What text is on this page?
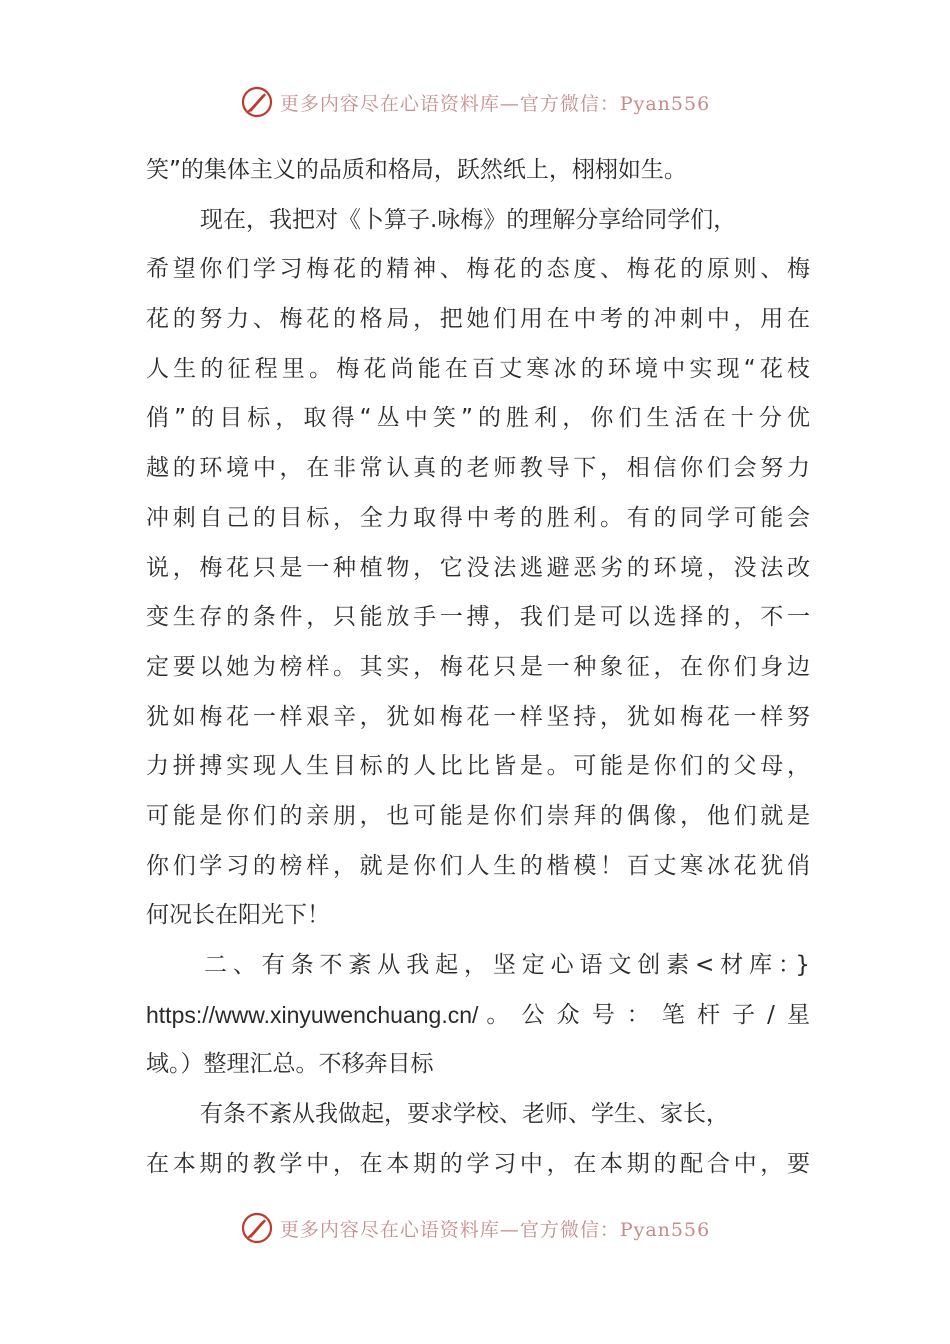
更多内容尽在心语资料库—官方微信：Pyan556
笑”的集体主义的品质和格局，跃然纸上，栩栩如生。
现在，我把对《卜算子.咏梅》的理解分享给同学们，
希望你们学习梅花的精神、梅花的态度、梅花的原则、梅
花的努力、梅花的格局，把她们用在中考的冲刺中，用在
人生的征程里。梅花尚能在百丈寒冰的环境中实现“花枝
俏”的目标，取得“丛中笑”的胜利，你们生活在十分优
越的环境中，在非常认真的老师教导下，相信你们会努力
冲刺自己的目标，全力取得中考的胜利。有的同学可能会
说，梅花只是一种植物，它没法逃避恶劣的环境，没法改
变生存的条件，只能放手一搏，我们是可以选择的，不一
定要以她为榜样。其实，梅花只是一种象征，在你们身边
犹如梅花一样艰辛，犹如梅花一样坚持，犹如梅花一样努
力拼搏实现人生目标的人比比皆是。可能是你们的父母，
可能是你们的亲朋，也可能是你们崇拜的偶像，他们就是
你们学习的榜样，就是你们人生的楷模！百丈寒冰花犹俏
何况长在阳光下！
二、有条不紊从我起，坚定心语文创素<材库：}
https://www.xinyuwenchuang.cn/ 。公众号：笔杆子/星
域。）整理汇总。不移奔目标
有条不紊从我做起，要求学校、老师、学生、家长，
在本期的教学中，在本期的学习中，在本期的配合中，要
更多内容尽在心语资料库—官方微信：Pyan556
